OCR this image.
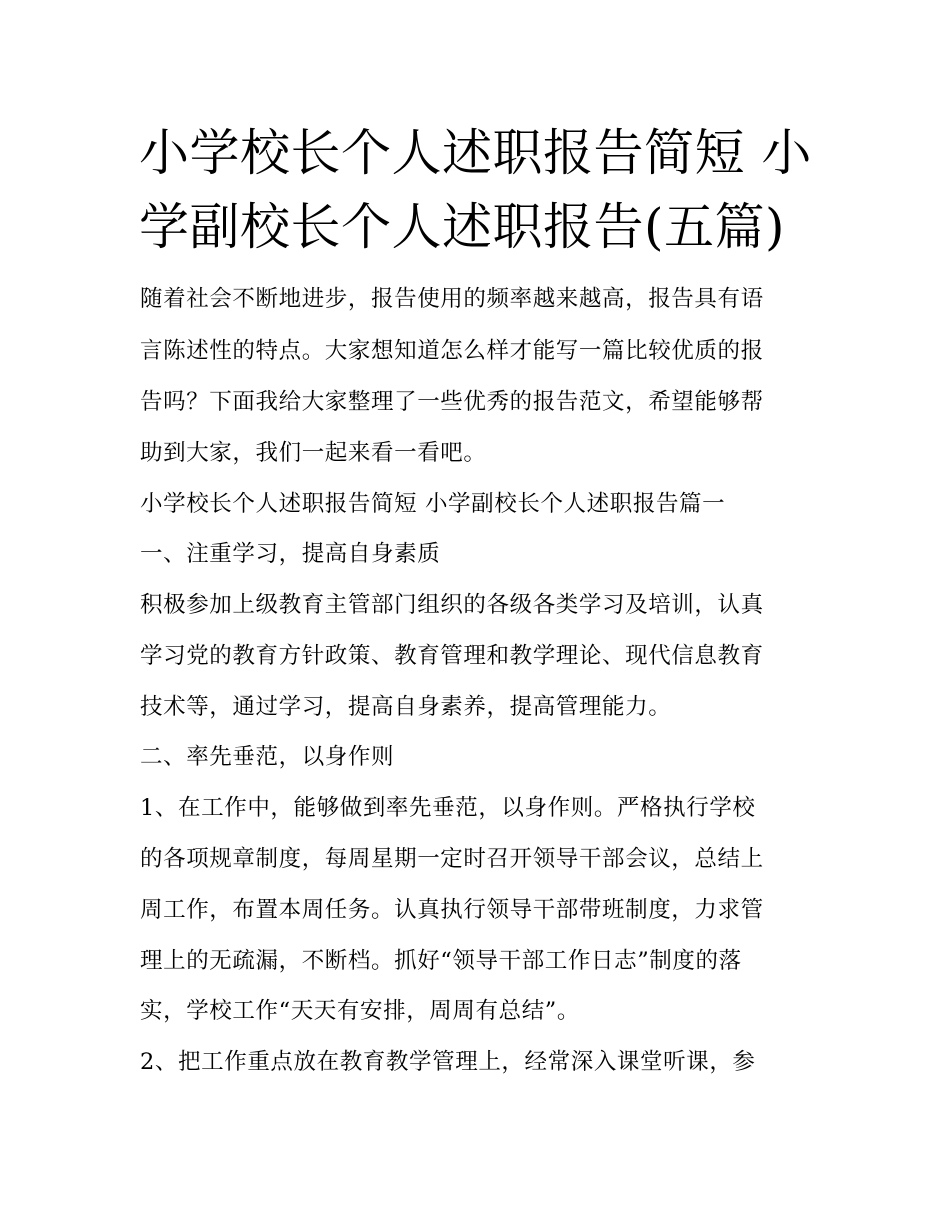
小学校长个人述职报告简短 小
学副校长个人述职报告(五篇)
随着社会不断地进步，报告使用的频率越来越高，报告具有语
言陈述性的特点。大家想知道怎么样才能写一篇比较优质的报
告吗？下面我给大家整理了一些优秀的报告范文，希望能够帮
助到大家，我们一起来看一看吧。
小学校长个人述职报告简短 小学副校长个人述职报告篇一
一、注重学习，提高自身素质
积极参加上级教育主管部门组织的各级各类学习及培训，认真
学习党的教育方针政策、教育管理和教学理论、现代信息教育
技术等，通过学习，提高自身素养，提高管理能力。
二、率先垂范，以身作则
1、在工作中，能够做到率先垂范，以身作则。严格执行学校
的各项规章制度，每周星期一定时召开领导干部会议，总结上
周工作，布置本周任务。认真执行领导干部带班制度，力求管
理上的无疏漏，不断档。抓好“领导干部工作日志”制度的落
实，学校工作“天天有安排，周周有总结”。
2、把工作重点放在教育教学管理上，经常深入课堂听课，参
